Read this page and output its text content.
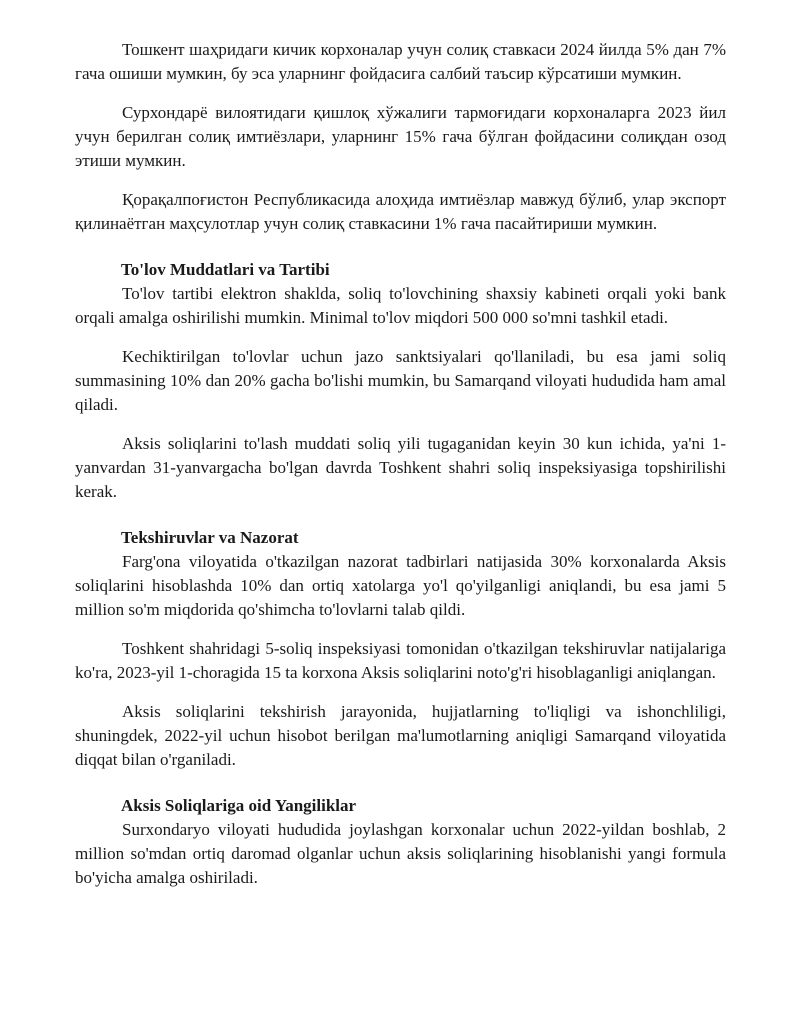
Тошкент шаҳридаги кичик корхоналар учун солиқ ставкаси 2024 йилда 5% дан 7% гача ошиши мумкин, бу эса уларнинг фойдасига салбий таъсир кўрсатиши мумкин.

Сурхондарё вилоятидаги қишлоқ хўжалиги тармоғидаги корхоналарга 2023 йил учун берилган солиқ имтиёзлари, уларнинг 15% гача бўлган фойдасини солиқдан озод этиши мумкин.

Қорақалпоғистон Республикасида алоҳида имтиёзлар мавжуд бўлиб, улар экспорт қилинаётган маҳсулотлар учун солиқ ставкасини 1% гача пасайтириши мумкин.

To'lov Muddatlari va Tartibi

To'lov tartibi elektron shaklda, soliq to'lovchining shaxsiy kabineti orqali yoki bank orqali amalga oshirilishi mumkin. Minimal to'lov miqdori 500 000 so'mni tashkil etadi.

Kechiktirilgan to'lovlar uchun jazo sanktsiyalari qo'llaniladi, bu esa jami soliq summasining 10% dan 20% gacha bo'lishi mumkin, bu Samarqand viloyati hududida ham amal qiladi.

Aksis soliqlarini to'lash muddati soliq yili tugaganidan keyin 30 kun ichida, ya'ni 1-yanvardan 31-yanvargacha bo'lgan davrda Toshkent shahri soliq inspeksiyasiga topshirilishi kerak.

Tekshiruvlar va Nazorat

Farg'ona viloyatida o'tkazilgan nazorat tadbirlari natijasida 30% korxonalarda Aksis soliqlarini hisoblashda 10% dan ortiq xatolarga yo'l qo'yilganligi aniqlandi, bu esa jami 5 million so'm miqdorida qo'shimcha to'lovlarni talab qildi.

Toshkent shahridagi 5-soliq inspeksiyasi tomonidan o'tkazilgan tekshiruvlar natijalariga ko'ra, 2023-yil 1-choragida 15 ta korxona Aksis soliqlarini noto'g'ri hisoblaganligi aniqlangan.

Aksis soliqlarini tekshirish jarayonida, hujjatlarning to'liqligi va ishonchliligi, shuningdek, 2022-yil uchun hisobot berilgan ma'lumotlarning aniqligi Samarqand viloyatida diqqat bilan o'rganiladi.

Aksis Soliqlariga oid Yangiliklar

Surxondaryo viloyati hududida joylashgan korxonalar uchun 2022-yildan boshlab, 2 million so'mdan ortiq daromad olganlar uchun aksis soliqlarining hisoblanishi yangi formula bo'yicha amalga oshiriladi.
